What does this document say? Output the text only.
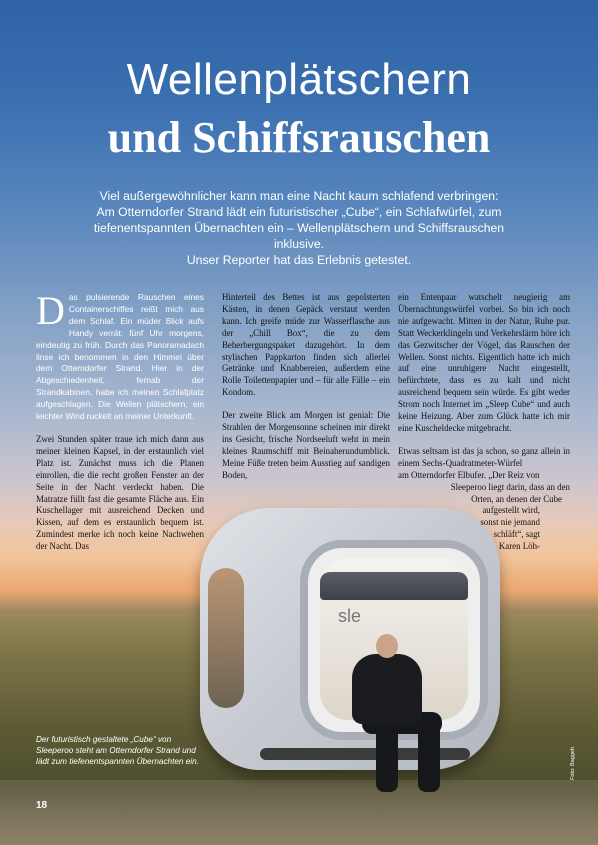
Wellenplätschern
und Schiffsrauschen
Viel außergewöhnlicher kann man eine Nacht kaum schlafend verbringen:
Am Otterndorfer Strand lädt ein futuristischer „Cube“, ein Schlafwürfel, zum
tiefenentspannten Übernachten ein – Wellenplätschern und Schiffsrauschen inklusive.
Unser Reporter hat das Erlebnis getestet.
sle

Das pulsierende Rauschen eines Containerschiffes reißt mich aus dem Schlaf. Ein müder Blick aufs Handy verrät: fünf Uhr morgens, eindeutig zu früh. Durch das Panoramadach linse ich benommen in den Himmel über dem Otterndorfer Strand. Hier in der Abgeschiedenheit, fernab der Strandkabinen, habe ich meinen Schlafplatz aufgeschlagen. Die Wellen plätschern, ein leichter Wind ruckelt an meiner Unterkunft.

Zwei Stunden später traue ich mich dann aus meiner kleinen Kapsel, in der erstaunlich viel Platz ist. Zunächst muss ich die Planen einrollen, die die recht großen Fenster an der Seite in der Nacht verdeckt haben. Die Matratze füllt fast die gesamte Fläche aus. Ein Kuschellager mit ausreichend Decken und Kissen, auf dem es erstaunlich bequem ist. Zumindest merke ich noch keine Nachwehen der Nacht. Das

Hinterteil des Bettes ist aus gepolsterten Kästen, in denen Gepäck verstaut werden kann. Ich greife müde zur Wasserflasche aus der „Chill Box“, die zu dem Beherbergungspaket dazugehört. In dem stylischen Pappkarton finden sich allerlei Getränke und Knabbereien, außerdem eine Rolle Toilettenpapier und – für alle Fälle – ein Kondom.

Der zweite Blick am Morgen ist genial: Die Strahlen der Morgensonne scheinen mir direkt ins Gesicht, frische Nordseeluft weht in mein kleines Raumschiff mit Beinaherundumblick. Meine Füße treten beim Ausstieg auf sandigen Boden,

ein Entenpaar watschelt neugierig am Übernachtungswürfel vorbei. So bin ich noch nie aufgewacht. Mitten in der Natur, Ruhe pur. Statt Weckerklingeln und Verkehrslärm höre ich das Gezwitscher der Vögel, das Rauschen der Wellen. Sonst nichts. Eigentlich hatte ich mich auf eine unruhigere Nacht eingestellt, befürchtete, dass es zu kalt und nicht ausreichend bequem sein würde. Es gibt weder Strom noch Internet im „Sleep Cube“ und auch keine Heizung. Aber zum Glück hatte ich mir eine Kuscheldecke mitgebracht.

Etwas seltsam ist das ja schon, so ganz allein in einem Sechs-Quadratmeter-Würfel
am Otterndorfer Elbufer. „Der Reiz von
Sleeperoo liegt darin, dass an den
Orten, an denen der Cube
aufgestellt wird,
sonst nie jemand
schläft“, sagt
Karen Löh-

Der futuristisch gestaltete „Cube“ von Sleeperoo steht am Otterndorfer Strand und lädt zum tiefenentspannten Übernachten ein.
18
Foto: Baggeh
